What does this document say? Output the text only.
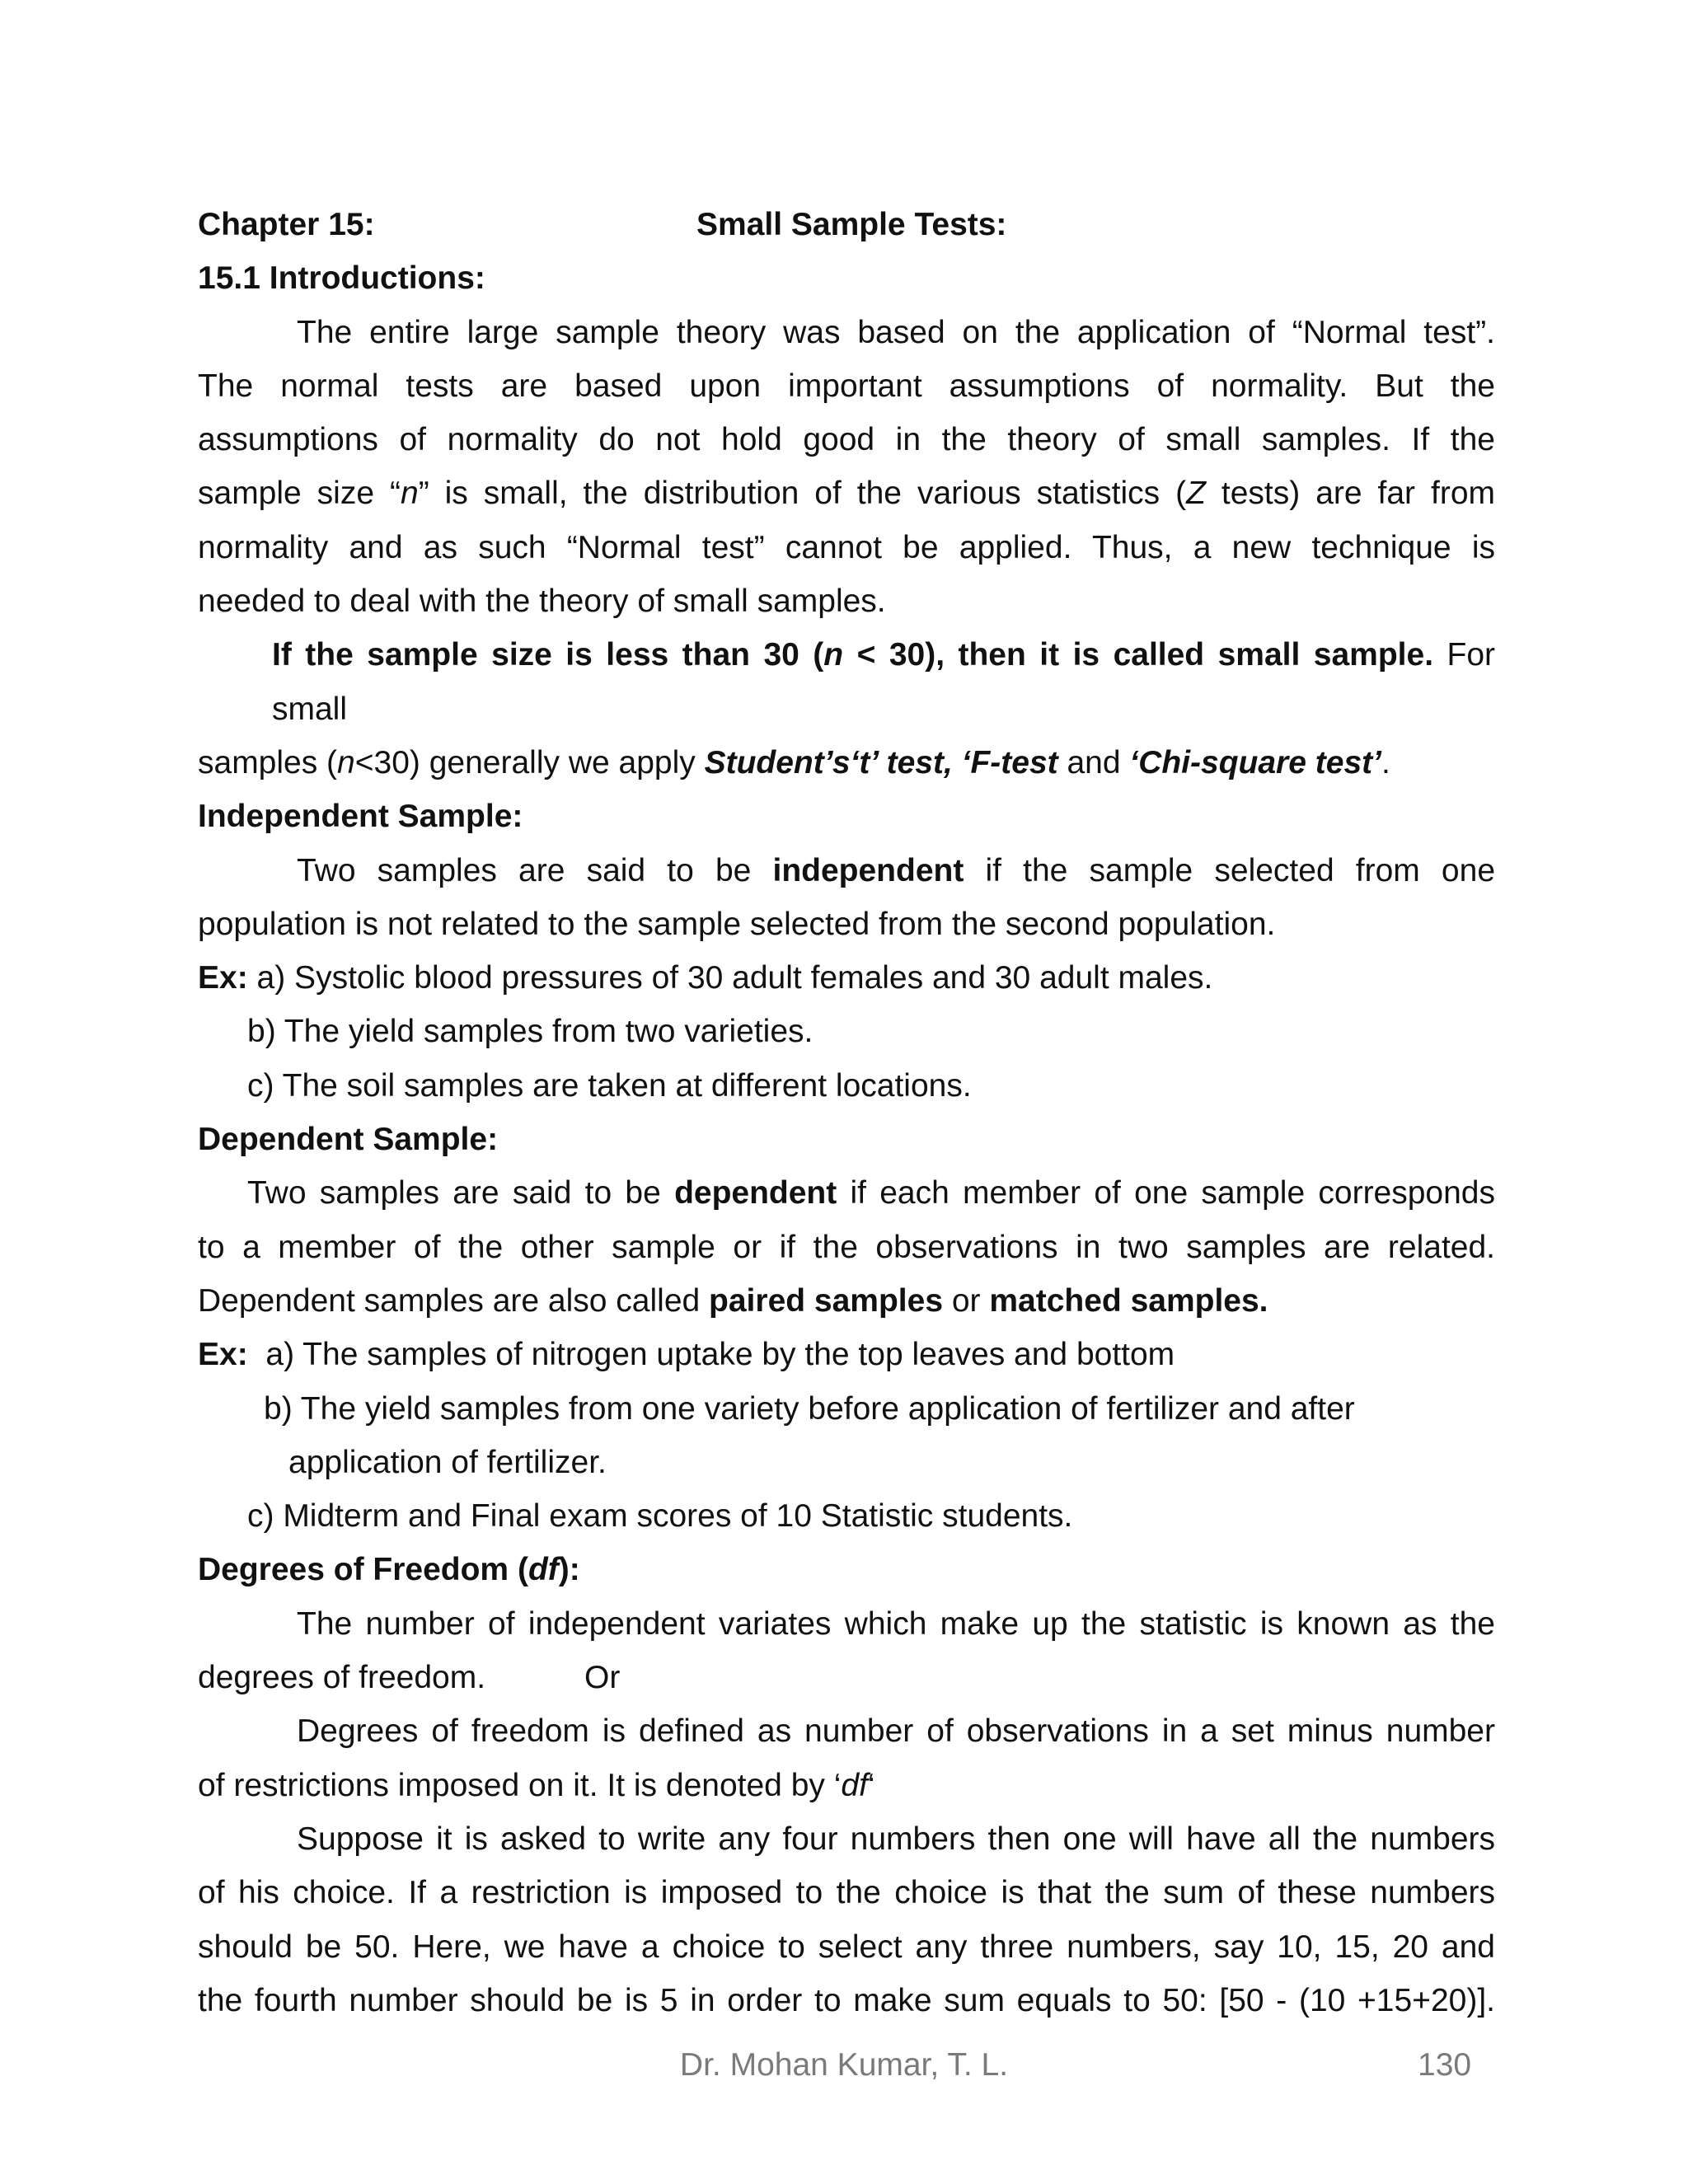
Chapter 15:	Small Sample Tests:
15.1 Introductions:
The entire large sample theory was based on the application of “Normal test”.
The normal tests are based upon important assumptions of normality. But the
assumptions of normality do not hold good in the theory of small samples. If the
sample size “n” is small, the distribution of the various statistics (Z tests) are far from
normality and as such “Normal test” cannot be applied. Thus, a new technique is
needed to deal with the theory of small samples.
If the sample size is less than 30 (n < 30), then it is called small sample. For small
samples (n<30) generally we apply Student’s‘t’ test, ‘F-test and ‘Chi-square test’.
Independent Sample:
Two samples are said to be independent if the sample selected from one
population is not related to the sample selected from the second population.
Ex: a) Systolic blood pressures of 30 adult females and 30 adult males.
b) The yield samples from two varieties.
c) The soil samples are taken at different locations.
Dependent Sample:
Two samples are said to be dependent if each member of one sample corresponds
to a member of the other sample or if the observations in two samples are related.
Dependent samples are also called paired samples or matched samples.
Ex:  a) The samples of nitrogen uptake by the top leaves and bottom
b) The yield samples from one variety before application of fertilizer and after
application of fertilizer.
c) Midterm and Final exam scores of 10 Statistic students.
Degrees of Freedom (df):
The number of independent variates which make up the statistic is known as the
degrees of freedom.	Or
Degrees of freedom is defined as number of observations in a set minus number
of restrictions imposed on it. It is denoted by ‘df‘
Suppose it is asked to write any four numbers then one will have all the numbers
of his choice. If a restriction is imposed to the choice is that the sum of these numbers
should be 50. Here, we have a choice to select any three numbers, say 10, 15, 20 and
the fourth number should be is 5 in order to make sum equals to 50: [50 - (10 +15+20)].
Dr. Mohan Kumar, T. L.	130
